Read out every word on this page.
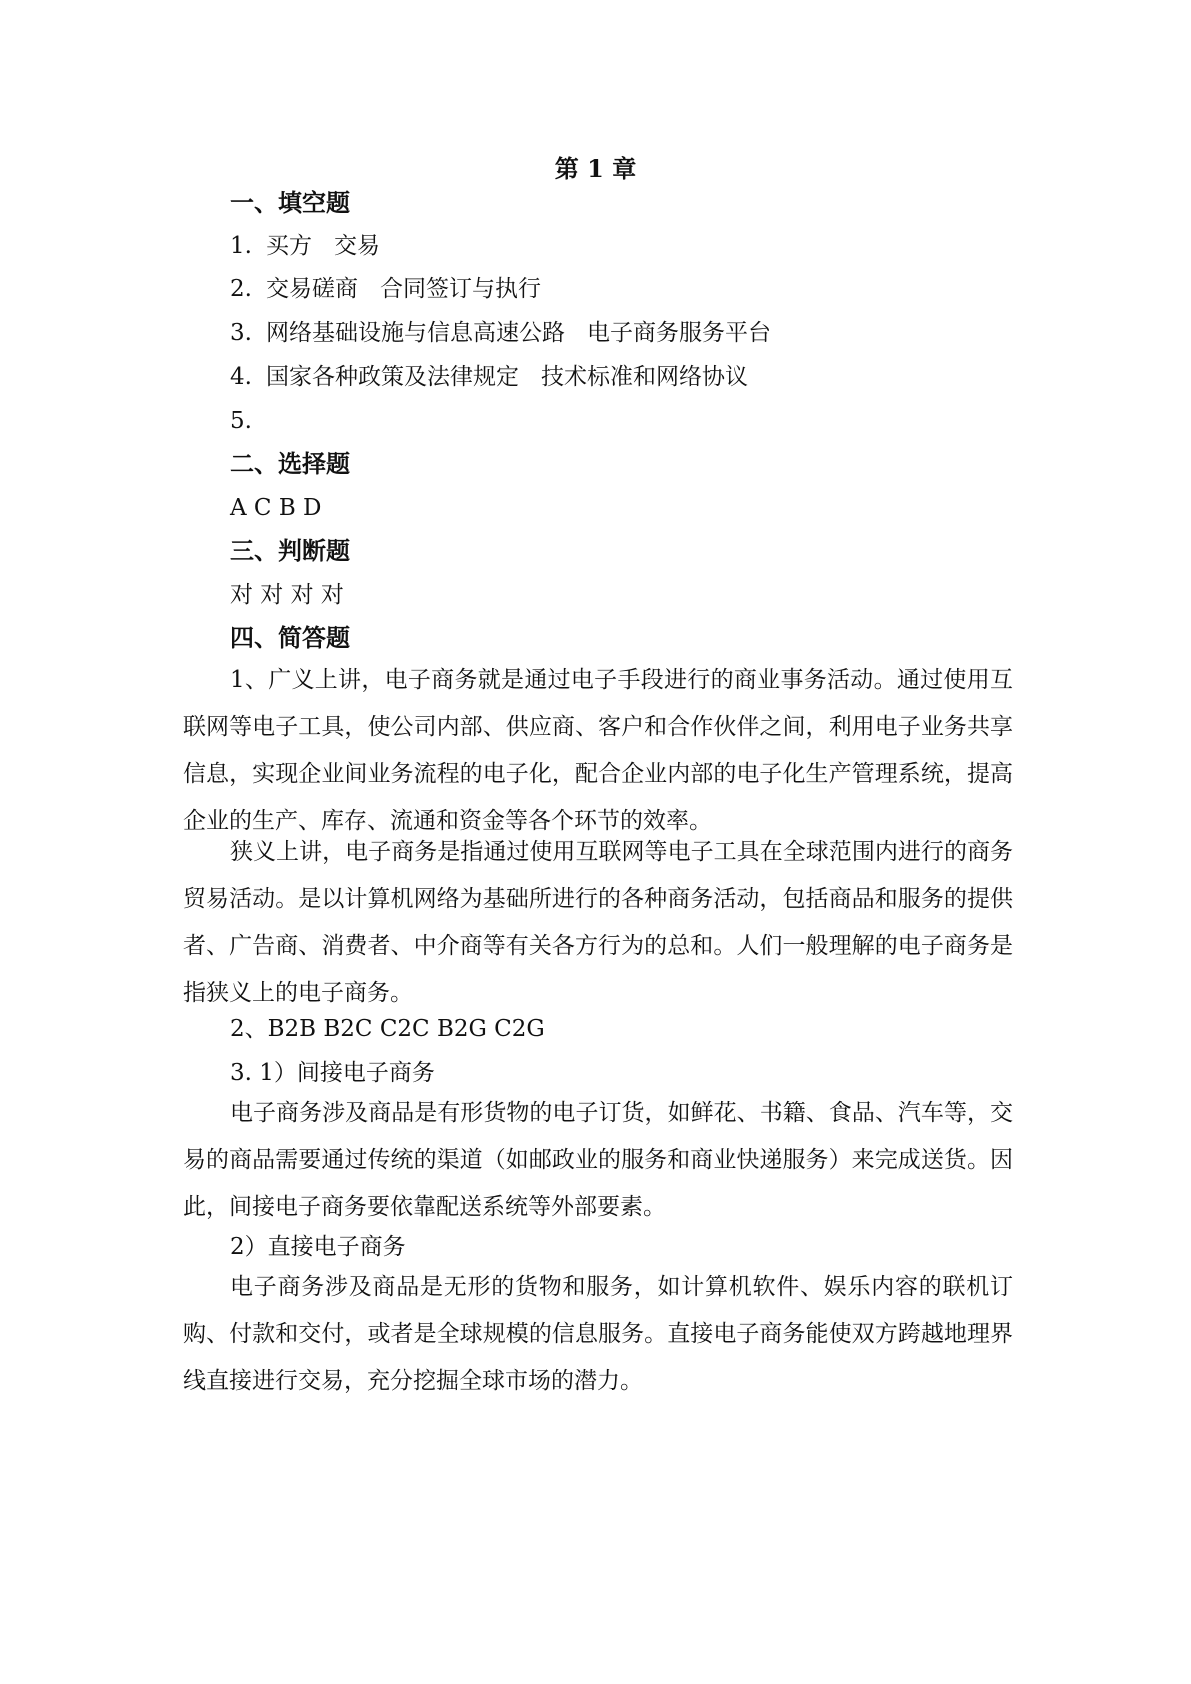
第 1 章
一、填空题
1. 买方 交易
2. 交易磋商 合同签订与执行
3. 网络基础设施与信息高速公路 电子商务服务平台
4. 国家各种政策及法律规定 技术标准和网络协议
5.
二、选择题
A C B D
三、判断题
对 对 对 对
四、简答题

1、广义上讲，电子商务就是通过电子手段进行的商业事务活动。通过使用互联网等电子工具，使公司内部、供应商、客户和合作伙伴之间，利用电子业务共享信息，实现企业间业务流程的电子化，配合企业内部的电子化生产管理系统，提高企业的生产、库存、流通和资金等各个环节的效率。

狭义上讲，电子商务是指通过使用互联网等电子工具在全球范围内进行的商务贸易活动。是以计算机网络为基础所进行的各种商务活动，包括商品和服务的提供者、广告商、消费者、中介商等有关各方行为的总和。人们一般理解的电子商务是指狭义上的电子商务。

2、B2B B2C C2C B2G C2G
3. 1）间接电子商务

电子商务涉及商品是有形货物的电子订货，如鲜花、书籍、食品、汽车等，交易的商品需要通过传统的渠道（如邮政业的服务和商业快递服务）来完成送货。因此，间接电子商务要依靠配送系统等外部要素。

2）直接电子商务

电子商务涉及商品是无形的货物和服务，如计算机软件、娱乐内容的联机订购、付款和交付，或者是全球规模的信息服务。直接电子商务能使双方跨越地理界线直接进行交易，充分挖掘全球市场的潜力。
